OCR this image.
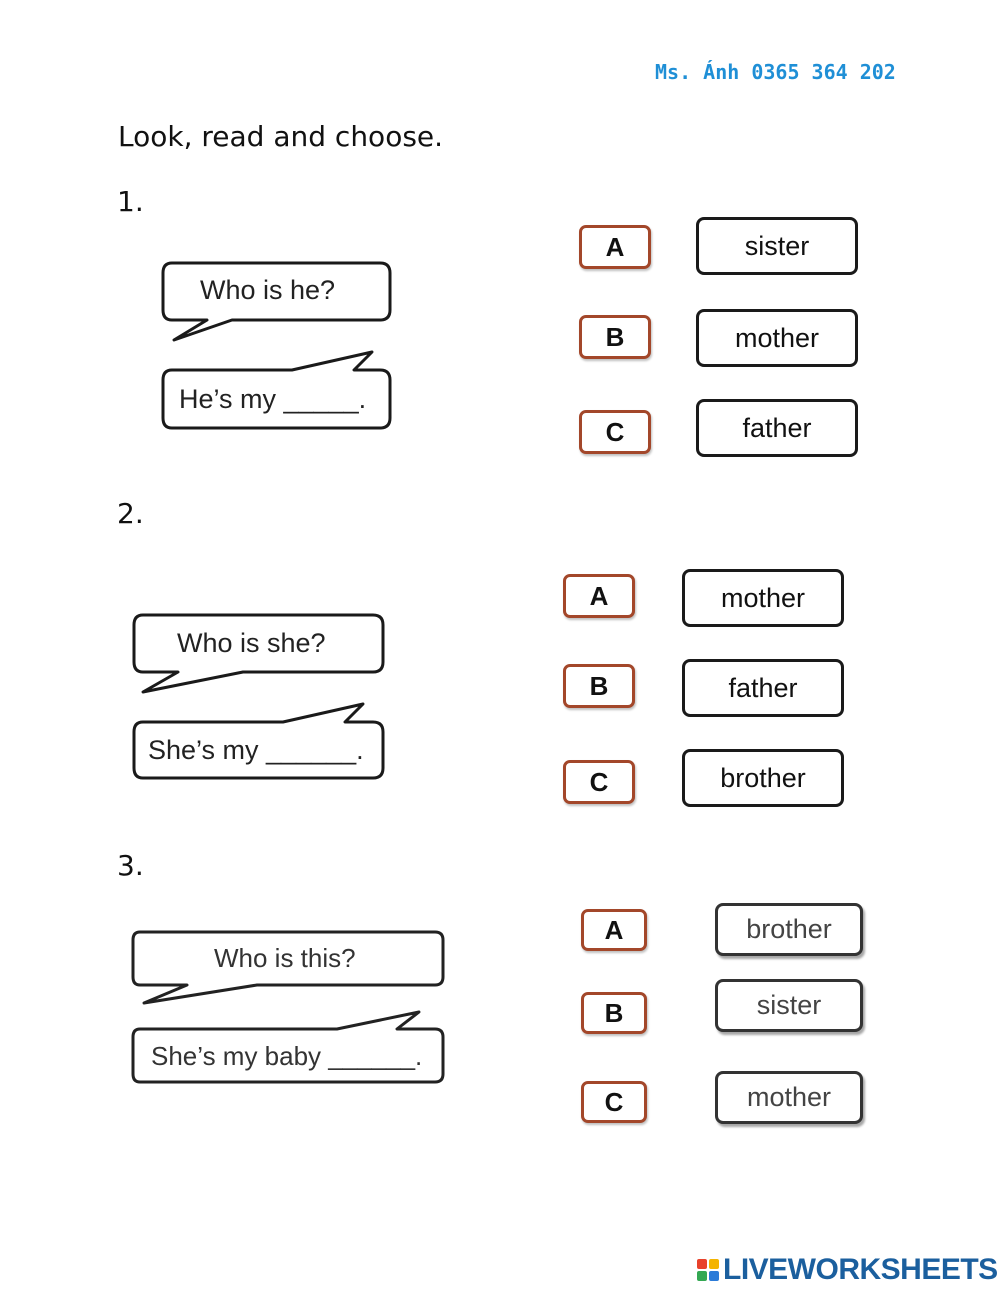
Ms. Ánh 0365 364 202
Look, read and choose.
1.
Who is he?
He’s my _____.
A
B
C
sister
mother
father
2.
Who is she?
She’s my ______.
A
B
C
mother
father
brother
3.
Who is this?
She’s my baby ______.
A
B
C
brother
sister
mother
LIVEWORKSHEETS
